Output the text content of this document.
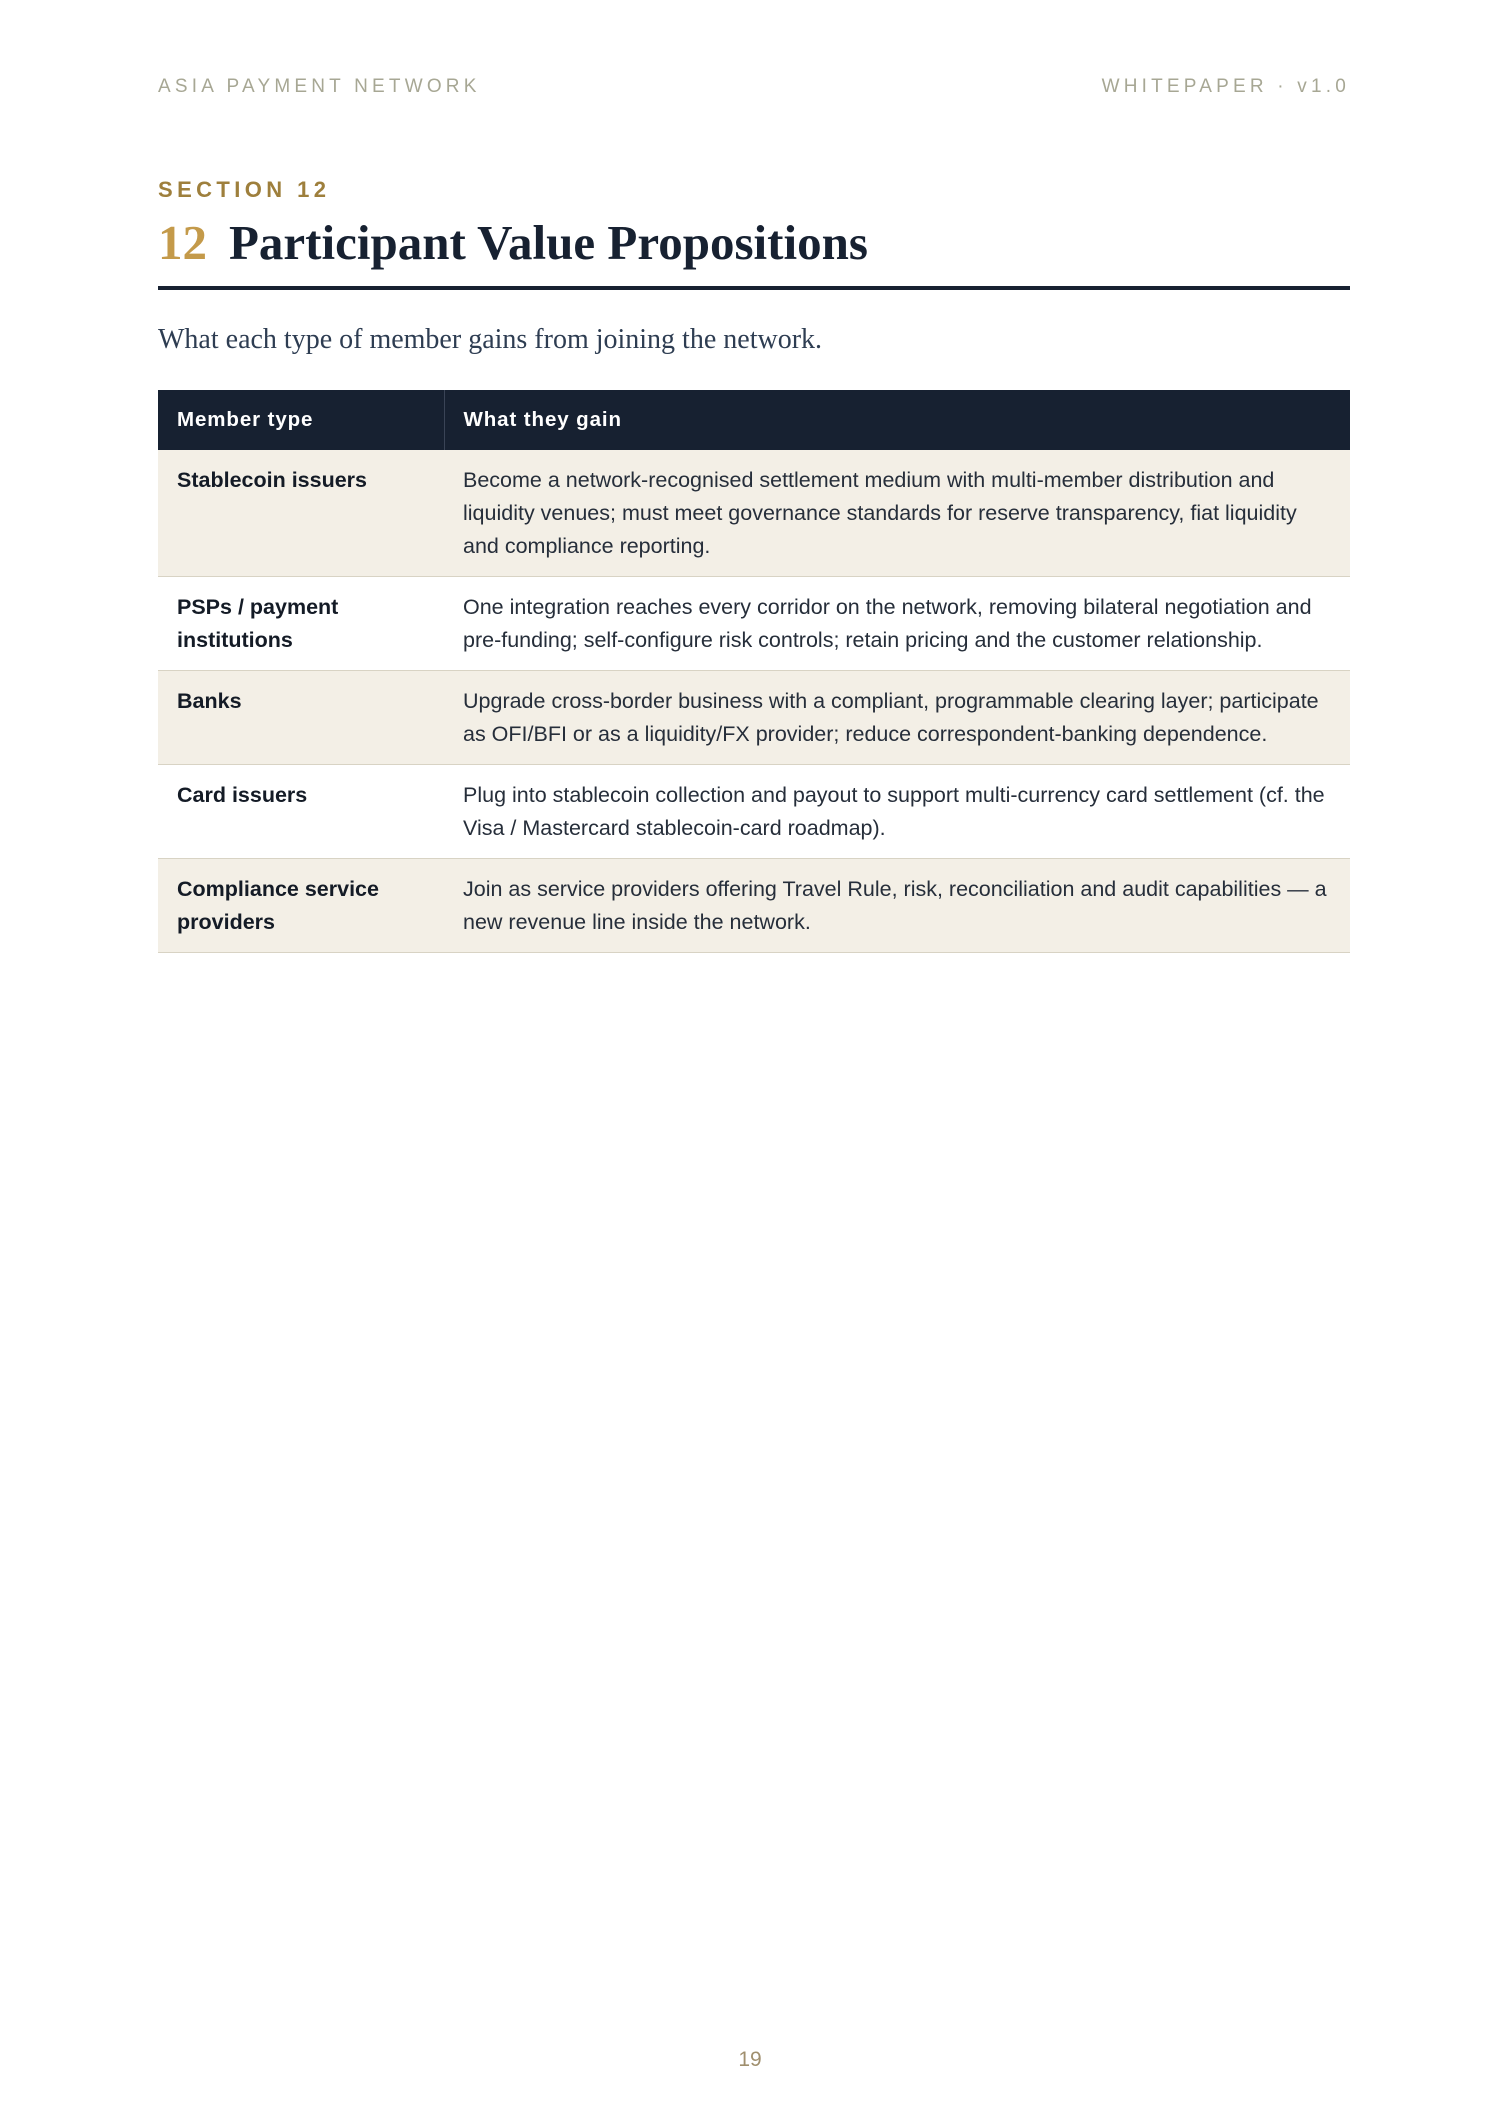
ASIA PAYMENT NETWORK	WHITEPAPER · v1.0
SECTION 12
12 Participant Value Propositions
What each type of member gains from joining the network.
Member type	What they gain
Stablecoin issuers	Become a network-recognised settlement medium with multi-member distribution and liquidity venues; must meet governance standards for reserve transparency, fiat liquidity and compliance reporting.
PSPs / payment institutions	One integration reaches every corridor on the network, removing bilateral negotiation and pre-funding; self-configure risk controls; retain pricing and the customer relationship.
Banks	Upgrade cross-border business with a compliant, programmable clearing layer; participate as OFI/BFI or as a liquidity/FX provider; reduce correspondent-banking dependence.
Card issuers	Plug into stablecoin collection and payout to support multi-currency card settlement (cf. the Visa / Mastercard stablecoin-card roadmap).
Compliance service providers	Join as service providers offering Travel Rule, risk, reconciliation and audit capabilities — a new revenue line inside the network.
19
